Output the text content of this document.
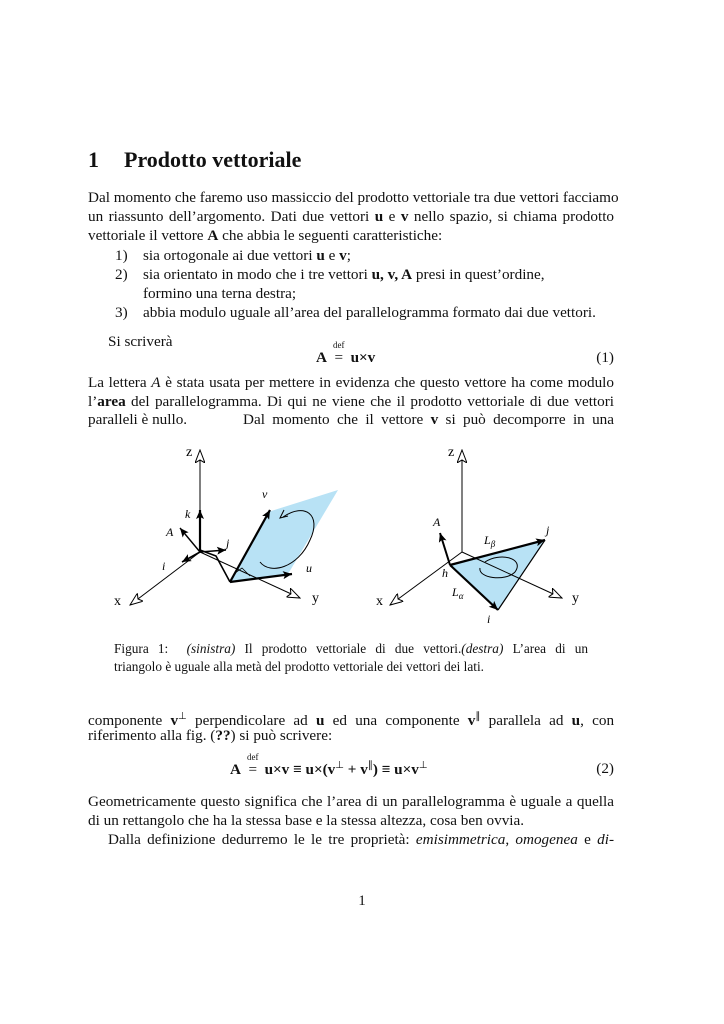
1 Prodotto vettoriale
Dal momento che faremo uso massiccio del prodotto vettoriale tra due vettori facciamo
un riassunto dell’argomento. Dati due vettori u e v nello spazio, si chiama prodotto
vettoriale il vettore A che abbia le seguenti caratteristiche:
1) sia ortogonale ai due vettori u e v;
2) sia orientato in modo che i tre vettori u, v, A presi in quest’ordine,
formino una terna destra;
3) abbia modulo uguale all’area del parallelogramma formato dai due vettori.
Si scriverà
A
def
= u×v	(1)
La lettera A è stata usata per mettere in evidenza che questo vettore ha come modulo
l’area del parallelogramma. Di qui ne viene che il prodotto vettoriale di due vettori
paralleli è nullo.	Dal momento che il vettore v si può decomporre in una
z
x	y
k
A
i
j
v
u
z
x	y
A
$L_\beta$
$L_\alpha$
h
i
j
Figura 1: (sinistra) Il prodotto vettoriale di due vettori.(destra) L’area di un
triangolo è uguale alla metà del prodotto vettoriale dei vettori dei lati.
componente v⊥ perpendicolare ad u ed una componente v∥ parallela ad u, con
riferimento alla fig. (??) si può scrivere:
A
def
= u×v ≡ u×(v⊥ + v∥) ≡ u×v⊥	(2)
Geometricamente questo significa che l’area di un parallelogramma è uguale a quella
di un rettangolo che ha la stessa base e la stessa altezza, cosa ben ovvia.
Dalla definizione dedurremo le le tre proprietà: emisimmetrica, omogenea e di-
1
